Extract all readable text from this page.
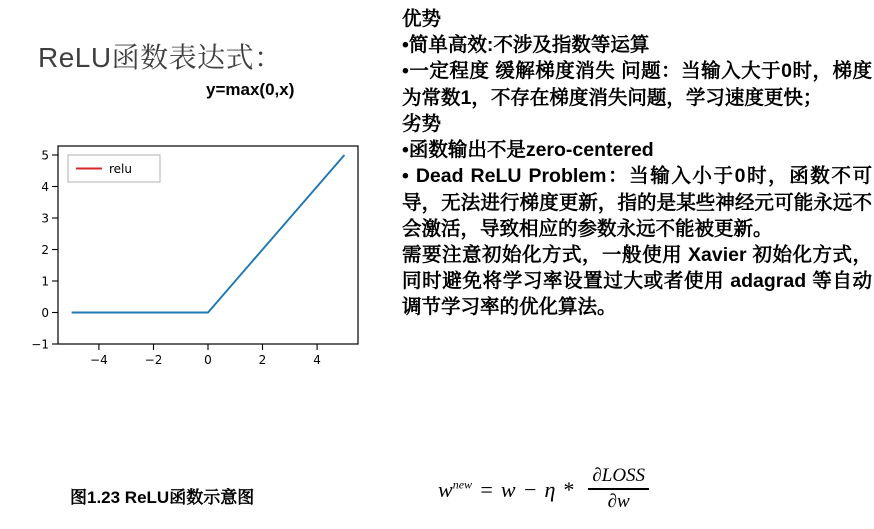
ReLU函数表达式：
y=max(0,x)
−1
0
1
2
3
4
5
−4	−2	0	2	4
relu
图1.23 ReLU函数示意图

优势

•简单高效:不涉及指数等运算

•一定程度 缓解梯度消失 问题：当输入大于0时，梯度为常数1，不存在梯度消失问题，学习速度更快；

劣势

•函数输出不是zero-centered

• Dead ReLU Problem：当输入小于0时，函数不可导，无法进行梯度更新，指的是某些神经元可能永远不会激活，导致相应的参数永远不能被更新。

需要注意初始化方式，一般使用 Xavier 初始化方式，同时避免将学习率设置过大或者使用 adagrad 等自动调节学习率的优化算法。

$w^{new} = w - \eta * \frac{\text{∂LOSS}}{\partial w}$
